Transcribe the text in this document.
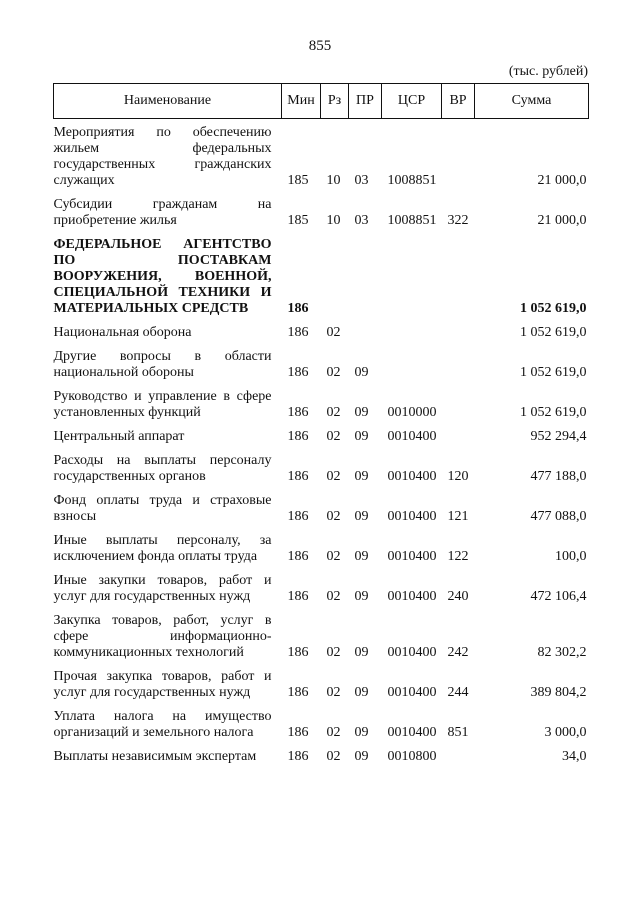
855
(тыс. рублей)
Наименование	Мин	Рз	ПР	ЦСР	ВР	Сумма
Мероприятия по обеспечению жильем федеральных государственных гражданских служащих	185	10	03	1008851		21 000,0
Субсидии гражданам на приобретение жилья	185	10	03	1008851	322	21 000,0
ФЕДЕРАЛЬНОЕ АГЕНТСТВО ПО ПОСТАВКАМ ВООРУЖЕНИЯ, ВОЕННОЙ, СПЕЦИАЛЬНОЙ ТЕХНИКИ И МАТЕРИАЛЬНЫХ СРЕДСТВ	186					1 052 619,0
Национальная оборона	186	02				1 052 619,0
Другие вопросы в области национальной обороны	186	02	09			1 052 619,0
Руководство и управление в сфере установленных функций	186	02	09	0010000		1 052 619,0
Центральный аппарат	186	02	09	0010400		952 294,4
Расходы на выплаты персоналу государственных органов	186	02	09	0010400	120	477 188,0
Фонд оплаты труда и страховые взносы	186	02	09	0010400	121	477 088,0
Иные выплаты персоналу, за исключением фонда оплаты труда	186	02	09	0010400	122	100,0
Иные закупки товаров, работ и услуг для государственных нужд	186	02	09	0010400	240	472 106,4
Закупка товаров, работ, услуг в сфере информационно-коммуникационных технологий	186	02	09	0010400	242	82 302,2
Прочая закупка товаров, работ и услуг для государственных нужд	186	02	09	0010400	244	389 804,2
Уплата налога на имущество организаций и земельного налога	186	02	09	0010400	851	3 000,0
Выплаты независимым экспертам	186	02	09	0010800		34,0
